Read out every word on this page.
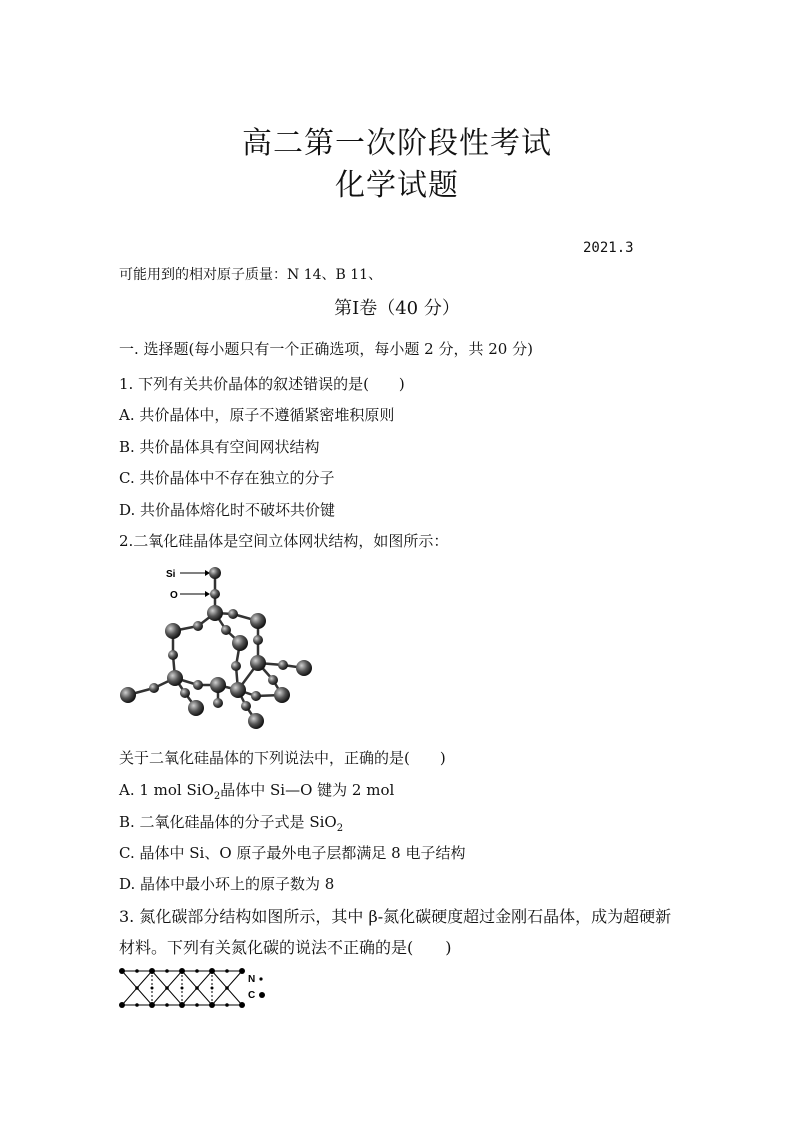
高二第一次阶段性考试
化学试题
2021.3
可能用到的相对原子质量：N 14、B 11、
第Ⅰ卷（40 分）
一. 选择题(每小题只有一个正确选项，每小题 2 分，共 20 分)
1. 下列有关共价晶体的叙述错误的是(　　)
A. 共价晶体中，原子不遵循紧密堆积原则
B. 共价晶体具有空间网状结构
C. 共价晶体中不存在独立的分子
D. 共价晶体熔化时不破坏共价键
2.二氧化硅晶体是空间立体网状结构，如图所示：
Si
O
关于二氧化硅晶体的下列说法中，正确的是(　　)
A. 1 mol SiO$_2$晶体中 Si—O 键为 2 mol
B. 二氧化硅晶体的分子式是 SiO$_2$
C. 晶体中 Si、O 原子最外电子层都满足 8 电子结构
D. 晶体中最小环上的原子数为 8
3. 氮化碳部分结构如图所示，其中 β-氮化碳硬度超过金刚石晶体，成为超硬新
材料。下列有关氮化碳的说法不正确的是(　　)
N
C
